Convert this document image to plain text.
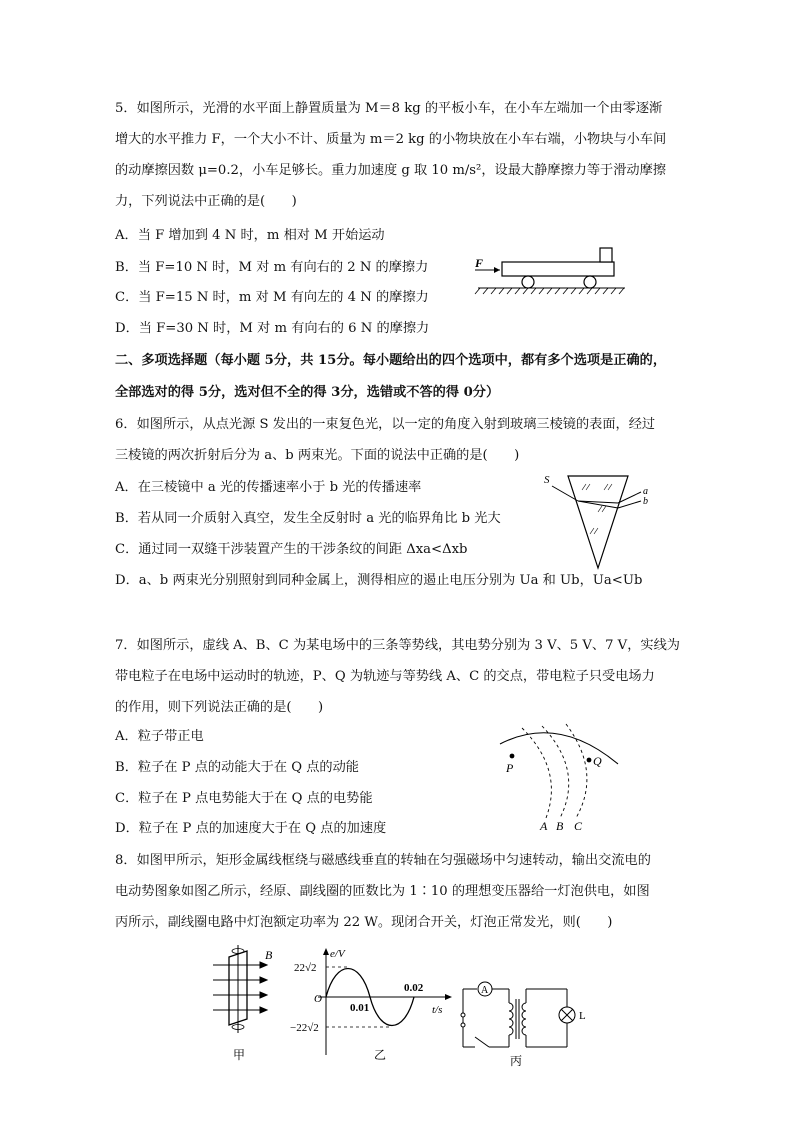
5．如图所示，光滑的水平面上静置质量为 M＝8 kg 的平板小车，在小车左端加一个由零逐渐
增大的水平推力 F，一个大小不计、质量为 m＝2 kg 的小物块放在小车右端，小物块与小车间
的动摩擦因数 μ=0.2，小车足够长。重力加速度 g 取 10 m/s²，设最大静摩擦力等于滑动摩擦
力，下列说法中正确的是(　　)
A．当 F 增加到 4 N 时，m 相对 M 开始运动
B．当 F=10 N 时，M 对 m 有向右的 2 N 的摩擦力
C．当 F=15 N 时，m 对 M 有向左的 4 N 的摩擦力
D．当 F=30 N 时，M 对 m 有向右的 6 N 的摩擦力
F
二、多项选择题（每小题 5分，共 15分。每小题给出的四个选项中，都有多个选项是正确的，
全部选对的得 5分，选对但不全的得 3分，选错或不答的得 0分）
6．如图所示，从点光源 S 发出的一束复色光，以一定的角度入射到玻璃三棱镜的表面，经过
三棱镜的两次折射后分为 a、b 两束光。下面的说法中正确的是(　　)
A．在三棱镜中 a 光的传播速率小于 b 光的传播速率
B．若从同一介质射入真空，发生全反射时 a 光的临界角比 b 光大
C．通过同一双缝干涉装置产生的干涉条纹的间距 Δxa<Δxb
D．a、b 两束光分别照射到同种金属上，测得相应的遏止电压分别为 Ua 和 Ub，Ua<Ub
S
a
b
7．如图所示，虚线 A、B、C 为某电场中的三条等势线，其电势分别为 3 V、5 V、7 V，实线为
带电粒子在电场中运动时的轨迹，P、Q 为轨迹与等势线 A、C 的交点，带电粒子只受电场力
的作用，则下列说法正确的是(　　)
A．粒子带正电
B．粒子在 P 点的动能大于在 Q 点的动能
C．粒子在 P 点电势能大于在 Q 点的电势能
D．粒子在 P 点的加速度大于在 Q 点的加速度
P	Q
A B C
8．如图甲所示，矩形金属线框绕与磁感线垂直的转轴在匀强磁场中匀速转动，输出交流电的
电动势图象如图乙所示，经原、副线圈的匝数比为 1∶10 的理想变压器给一灯泡供电，如图
丙所示，副线圈电路中灯泡额定功率为 22 W。现闭合开关，灯泡正常发光，则(　　)
B
甲
e/V
22√2
−22√2
O
0.01
0.02
t/s
乙
A
L
丙
